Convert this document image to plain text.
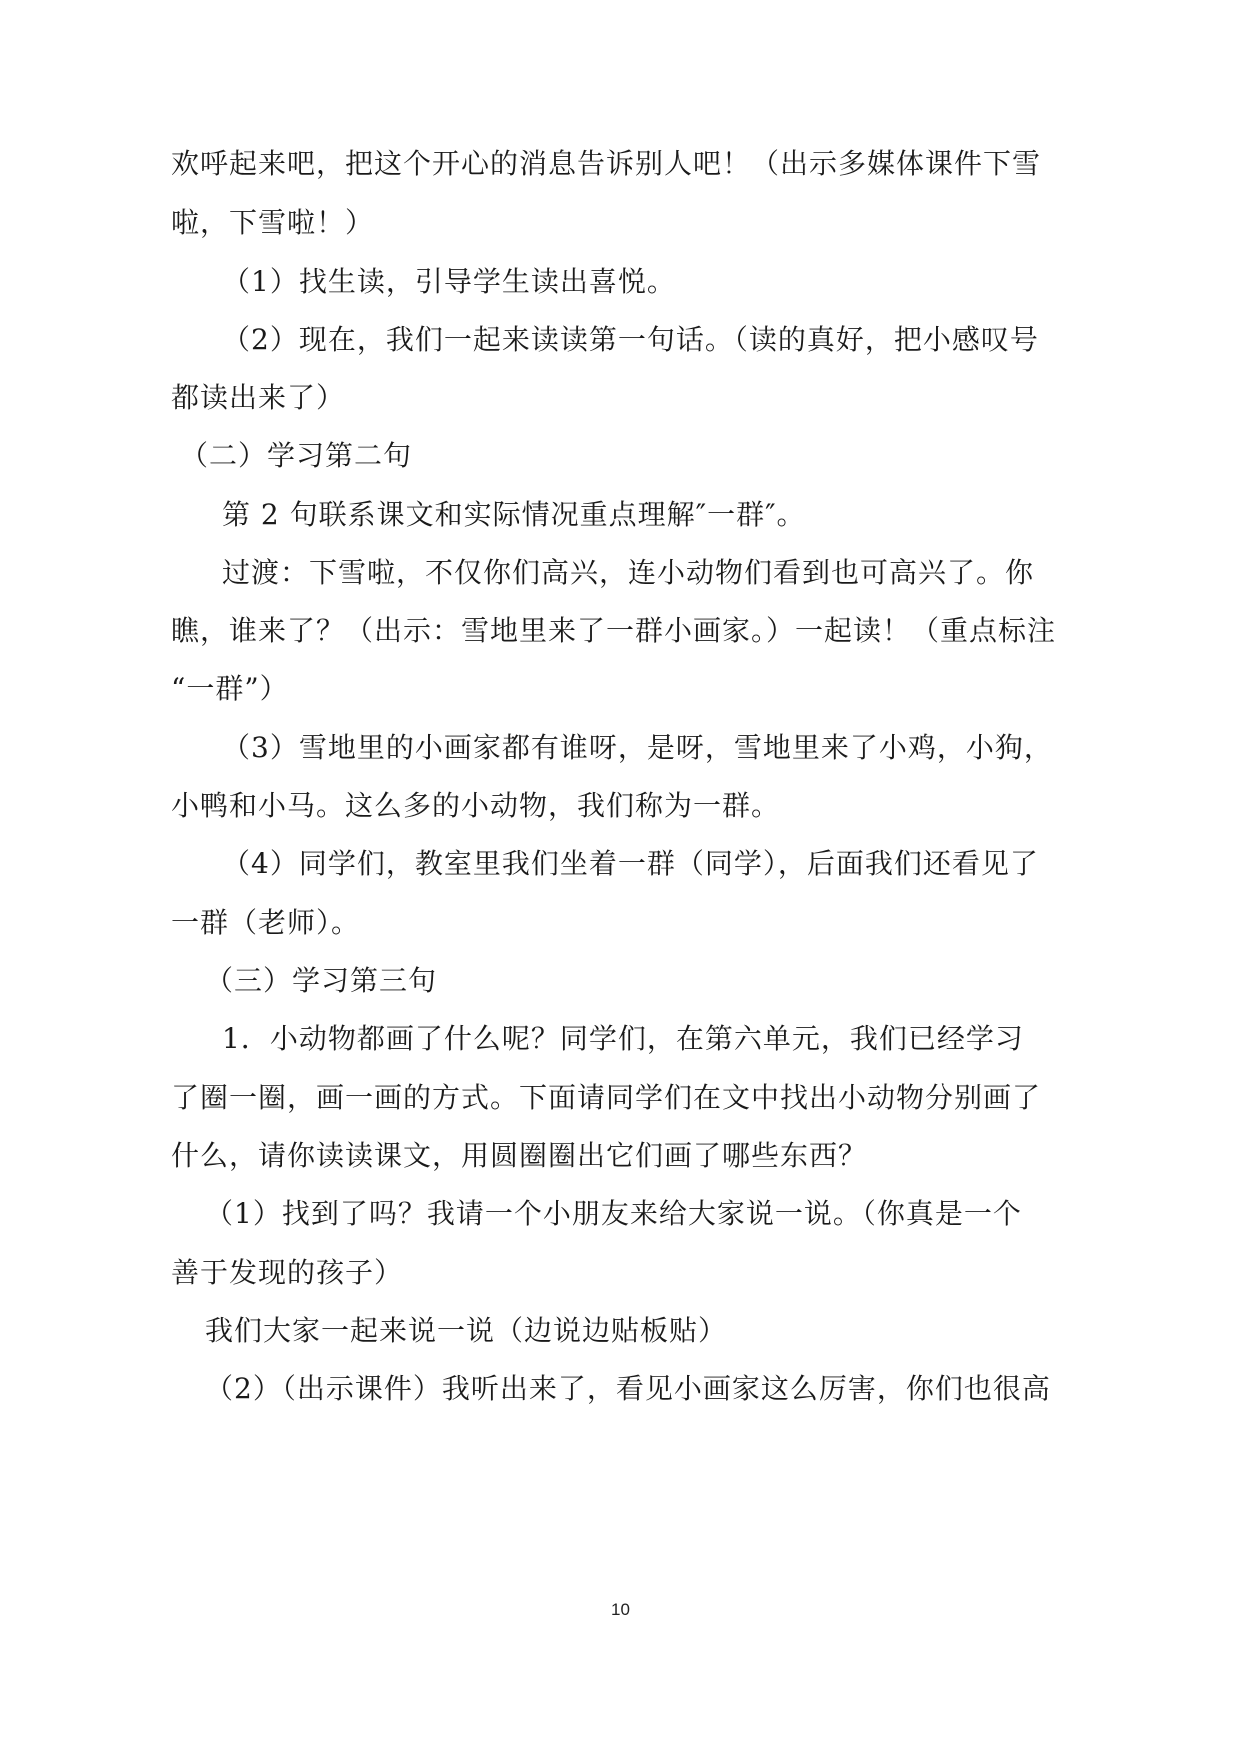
欢呼起来吧，把这个开心的消息告诉别人吧！（出示多媒体课件下雪
啦，下雪啦！）
（1）找生读，引导学生读出喜悦。
（2）现在，我们一起来读读第一句话。（读的真好，把小感叹号
都读出来了）
（二）学习第二句
第 2 句联系课文和实际情况重点理解″一群″。
过渡：下雪啦，不仅你们高兴，连小动物们看到也可高兴了。你
瞧，谁来了？（出示：雪地里来了一群小画家。）一起读！（重点标注
“一群”）
（3）雪地里的小画家都有谁呀，是呀，雪地里来了小鸡，小狗，
小鸭和小马。这么多的小动物，我们称为一群。
（4）同学们，教室里我们坐着一群（同学），后面我们还看见了
一群（老师）。
（三）学习第三句
1．小动物都画了什么呢？同学们，在第六单元，我们已经学习
了圈一圈，画一画的方式。下面请同学们在文中找出小动物分别画了
什么，请你读读课文，用圆圈圈出它们画了哪些东西？
（1）找到了吗？我请一个小朋友来给大家说一说。（你真是一个
善于发现的孩子）
我们大家一起来说一说（边说边贴板贴）
（2）（出示课件）我听出来了，看见小画家这么厉害，你们也很高
10
